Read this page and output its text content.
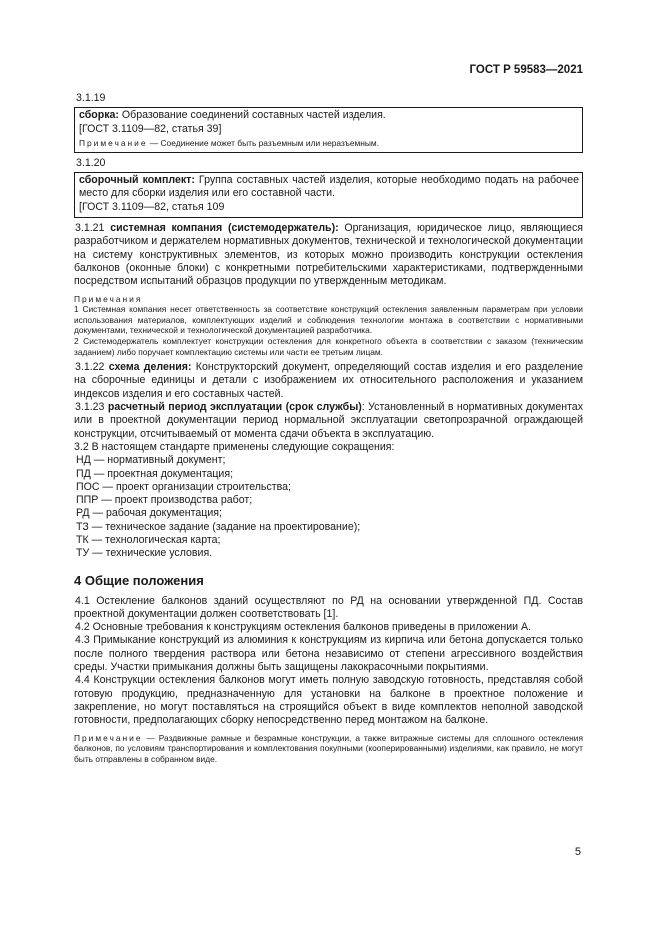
ГОСТ Р 59583—2021
3.1.19

сборка: Образование соединений составных частей изделия.

[ГОСТ 3.1109—82, статья 39]

Примечание — Соединение может быть разъемным или неразъемным.

3.1.20

сборочный комплект: Группа составных частей изделия, которые необходимо подать на рабочее место для сборки изделия или его составной части.

[ГОСТ 3.1109—82, статья 109

3.1.21 системная компания (системодержатель): Организация, юридическое лицо, являющиеся разработчиком и держателем нормативных документов, технической и технологической документации на систему конструктивных элементов, из которых можно производить конструкции остекления балконов (оконные блоки) с конкретными потребительскими характеристиками, подтвержденными посредством испытаний образцов продукции по утвержденным методикам.

Примечания

1 Системная компания несет ответственность за соответствие конструкций остекления заявленным параметрам при условии использования материалов, комплектующих изделий и соблюдения технологии монтажа в соответствии с нормативными документами, технической и технологической документацией разработчика.

2 Системодержатель комплектует конструкции остекления для конкретного объекта в соответствии с заказом (техническим заданием) либо поручает комплектацию системы или части ее третьим лицам.

3.1.22 схема деления: Конструкторский документ, определяющий состав изделия и его разделение на сборочные единицы и детали с изображением их относительного расположения и указанием индексов изделия и его составных частей.

3.1.23 расчетный период эксплуатации (срок службы): Установленный в нормативных документах или в проектной документации период нормальной эксплуатации светопрозрачной ограждающей конструкции, отсчитываемый от момента сдачи объекта в эксплуатацию.

3.2 В настоящем стандарте применены следующие сокращения:

НД — нормативный документ;
ПД — проектная документация;
ПОС — проект организации строительства;
ППР — проект производства работ;
РД — рабочая документация;
ТЗ — техническое задание (задание на проектирование);
ТК — технологическая карта;
ТУ — технические условия.
4 Общие положения

4.1 Остекление балконов зданий осуществляют по РД на основании утвержденной ПД. Состав проектной документации должен соответствовать [1].

4.2 Основные требования к конструкциям остекления балконов приведены в приложении А.

4.3 Примыкание конструкций из алюминия к конструкциям из кирпича или бетона допускается только после полного твердения раствора или бетона независимо от степени агрессивного воздействия среды. Участки примыкания должны быть защищены лакокрасочными покрытиями.

4.4 Конструкции остекления балконов могут иметь полную заводскую готовность, представляя собой готовую продукцию, предназначенную для установки на балконе в проектное положение и закрепление, но могут поставляться на строящийся объект в виде комплектов неполной заводской готовности, предполагающих сборку непосредственно перед монтажом на балконе.

Примечание — Раздвижные рамные и безрамные конструкции, а также витражные системы для сплошного остекления балконов, по условиям транспортирования и комплектования покупными (кооперированными) изделиями, как правило, не могут быть отправлены в собранном виде.

5
